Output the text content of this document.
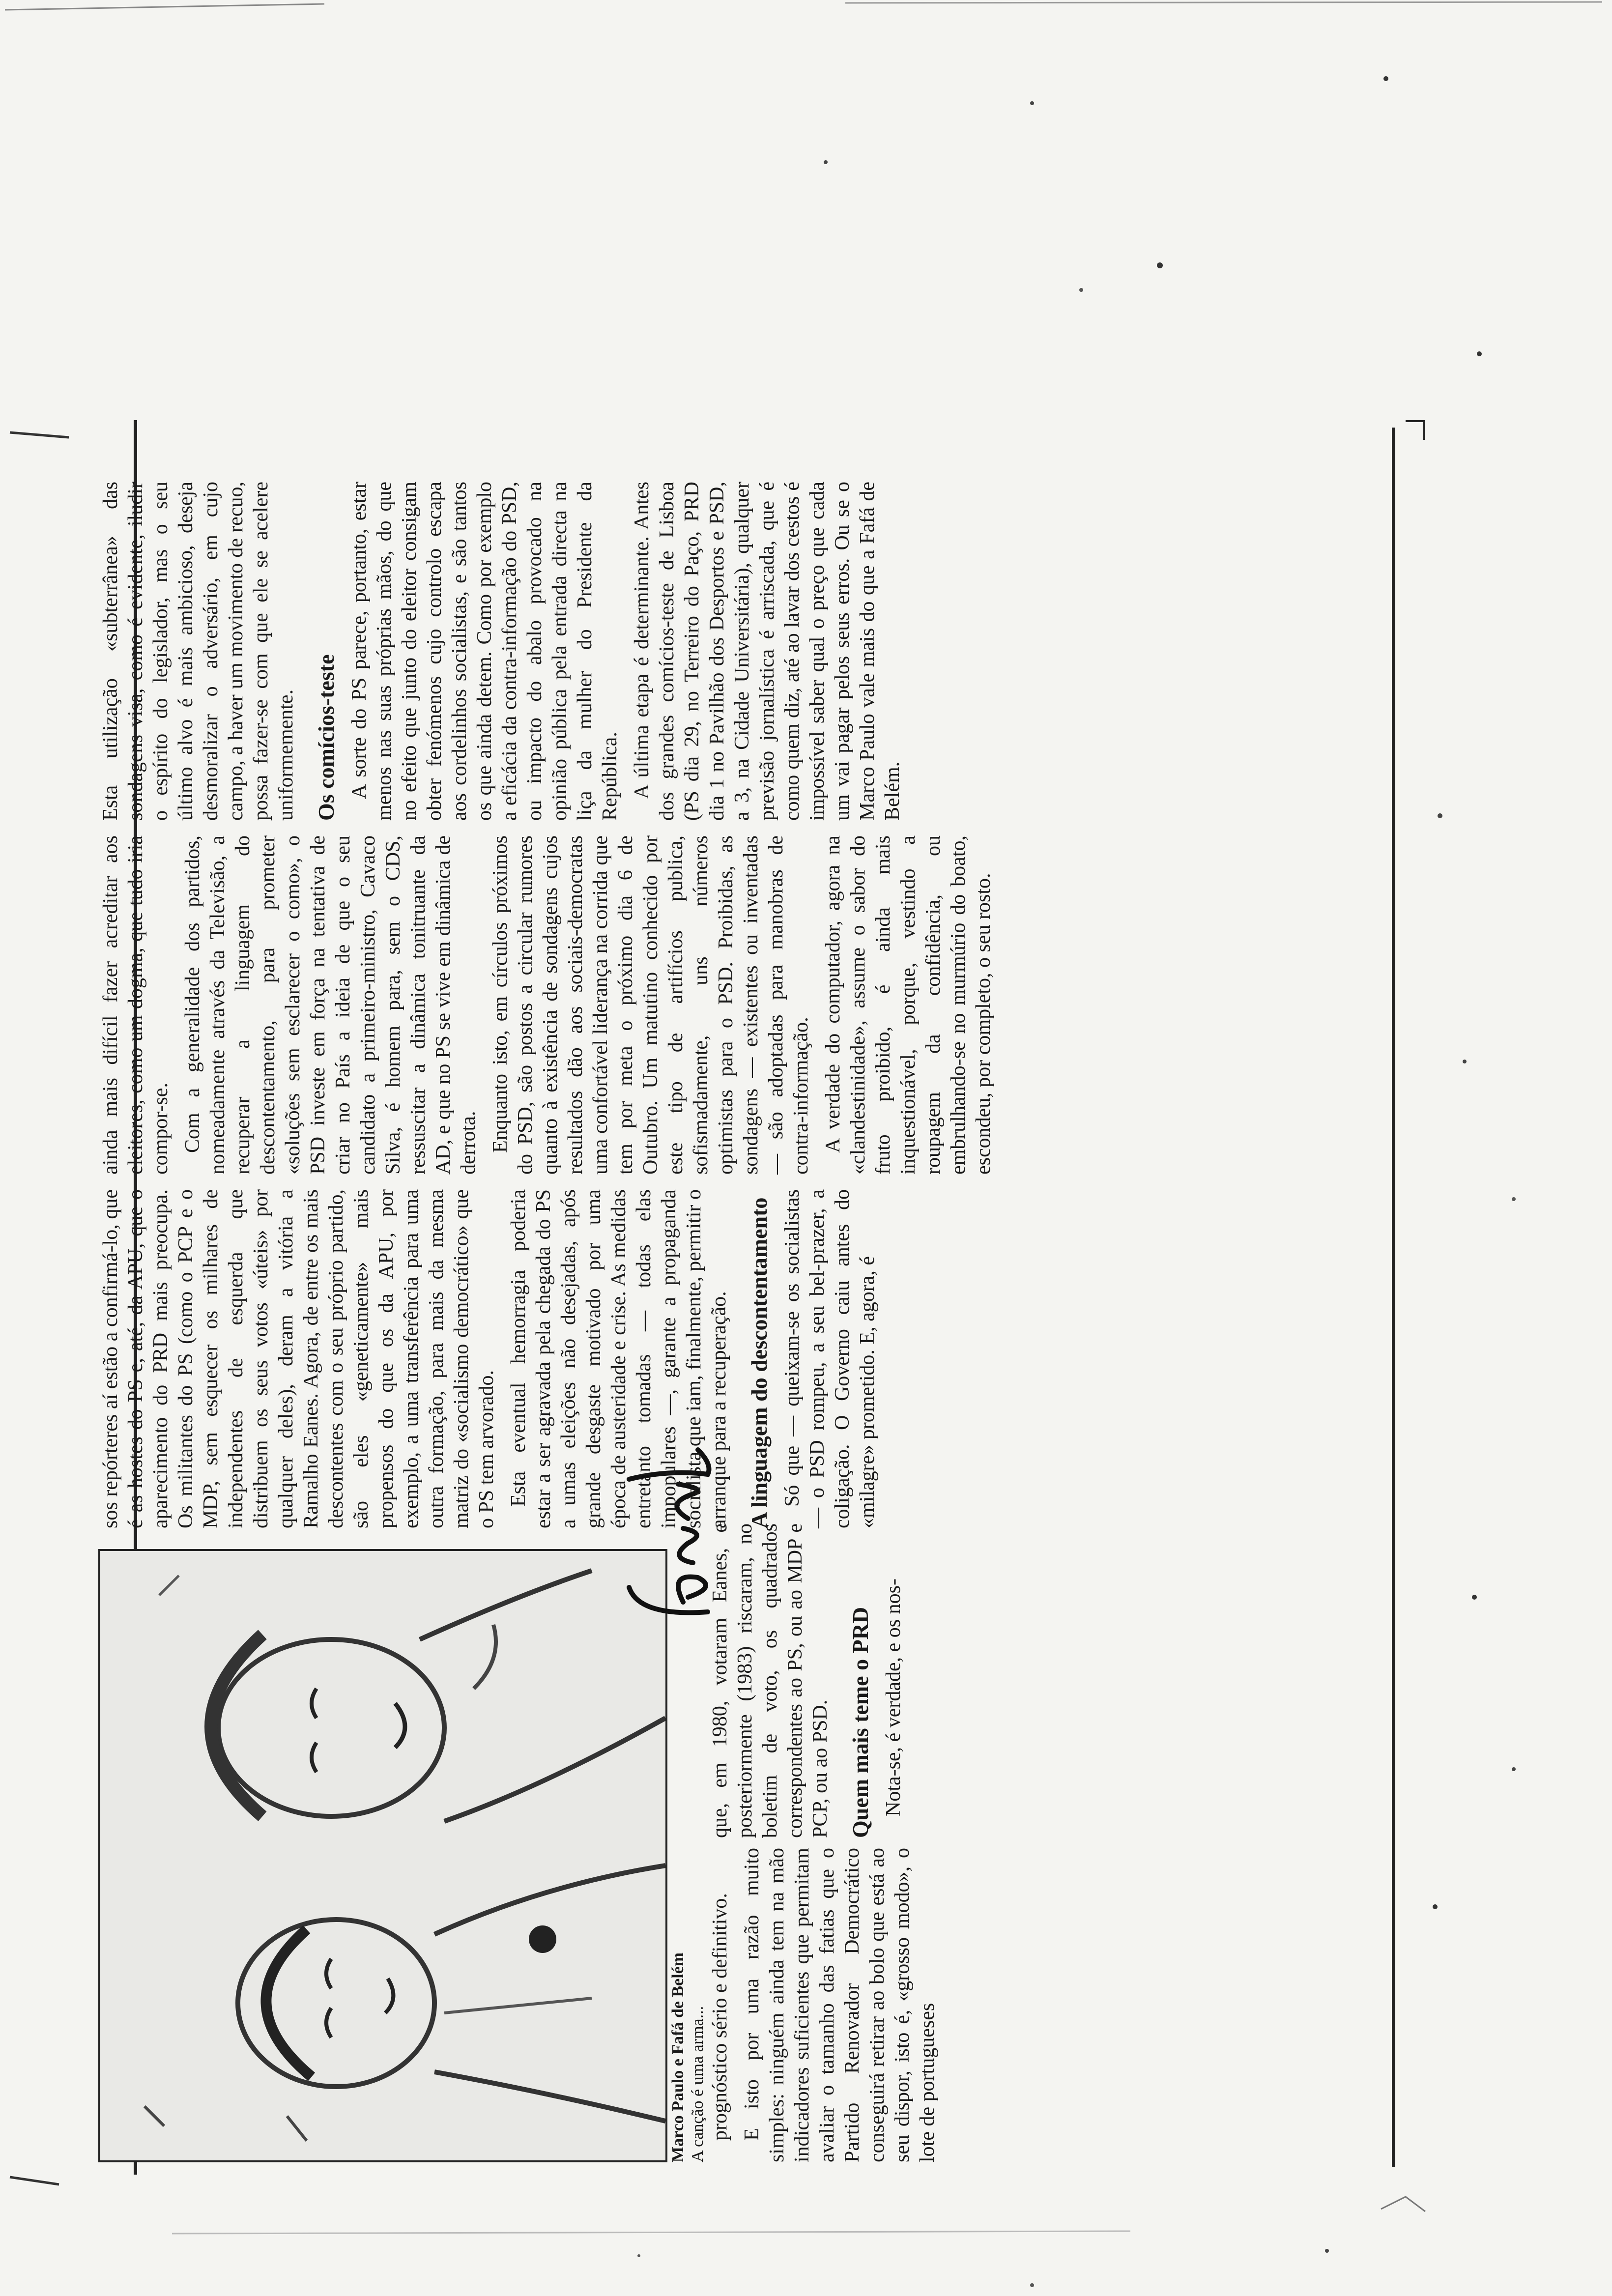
Marco Paulo e Fafá de Belém A canção é uma arma... prognóstico sério e definitivo. E isto por uma razão muito simples: ninguém ainda tem na mão indicadores suficientes que permitam avaliar o tamanho das fatias que o Partido Renovador Democrático conseguirá retirar ao bolo que está ao seu dispor, isto é, «grosso modo», o lote de portugueses

que, em 1980, votaram Eanes, e posteriormente (1983) riscaram, no boletim de voto, os quadrados correspondentes ao PS, ou ao MDP e PCP, ou ao PSD. Quem mais teme o PRD Nota-se, é verdade, e os nos-

sos repórteres aí estão a confirmá-lo, que é as hostes do PS e, até, da APU, que o aparecimento do PRD mais preocupa. Os militantes do PS (como o PCP e o MDP, sem esquecer os milhares de independentes de esquerda que distribuem os seus votos «úteis» por qualquer deles), deram a vitória a Ramalho Eanes. Agora, de entre os mais descontentes com o seu próprio partido, são eles «geneticamente» mais propensos do que os da APU, por exemplo, a uma transferência para uma outra formação, para mais da mesma matriz do «socialismo democrático» que o PS tem arvorado. Esta eventual hemorragia poderia estar a ser agravada pela chegada do PS a umas eleições não desejadas, após grande desgaste motivado por uma época de austeridade e crise. As medidas entretanto tomadas — todas elas impopulares —, garante a propaganda socialista que iam, finalmente, permitir o arranque para a recuperação. A linguagem do descontentamento Só que — queixam-se os socialistas — o PSD rompeu, a seu bel-prazer, a coligação. O Governo caiu antes do «milagre» prometido. E, agora, é

ainda mais difícil fazer acreditar aos eleitores, como um dogma, que tudo iria compor-se. Com a generalidade dos partidos, nomeadamente através da Televisão, a recuperar a linguagem do descontentamento, para prometer «soluções sem esclarecer o como», o PSD investe em força na tentativa de criar no País a ideia de que o seu candidato a primeiro-ministro, Cavaco Silva, é homem para, sem o CDS, ressuscitar a dinâmica tonitruante da AD, e que no PS se vive em dinâmica de derrota. Enquanto isto, em círculos próximos do PSD, são postos a circular rumores quanto à existência de sondagens cujos resultados dão aos sociais-democratas uma confortável liderança na corrida que tem por meta o próximo dia 6 de Outubro. Um matutino conhecido por este tipo de artifícios publica, sofismadamente, uns números optimistas para o PSD. Proibidas, as sondagens — existentes ou inventadas — são adoptadas para manobras de contra-informação. A verdade do computador, agora na «clandestinidade», assume o sabor do fruto proibido, é ainda mais inquestionável, porque, vestindo a roupagem da confidência, ou embrulhando-se no murmúrio do boato, escondeu, por completo, o seu rosto.

Esta utilização «subterrânea» das sondagens visa, como é evidente, iludir o espírito do legislador, mas o seu último alvo é mais ambicioso, deseja desmoralizar o adversário, em cujo campo, a haver um movimento de recuo, possa fazer-se com que ele se acelere uniformemente. Os comícios-teste A sorte do PS parece, portanto, estar menos nas suas próprias mãos, do que no efeito que junto do eleitor consigam obter fenómenos cujo controlo escapa aos cordelinhos socialistas, e são tantos os que ainda detem. Como por exemplo a eficácia da contra-informação do PSD, ou impacto do abalo provocado na opinião pública pela entrada directa na liça da mulher do Presidente da República. A última etapa é determinante. Antes dos grandes comícios-teste de Lisboa (PS dia 29, no Terreiro do Paço, PRD dia 1 no Pavilhão dos Desportos e PSD, a 3, na Cidade Universitária), qualquer previsão jornalística é arriscada, que é como quem diz, até ao lavar dos cestos é impossível saber qual o preço que cada um vai pagar pelos seus erros. Ou se o Marco Paulo vale mais do que a Fafá de Belém.
